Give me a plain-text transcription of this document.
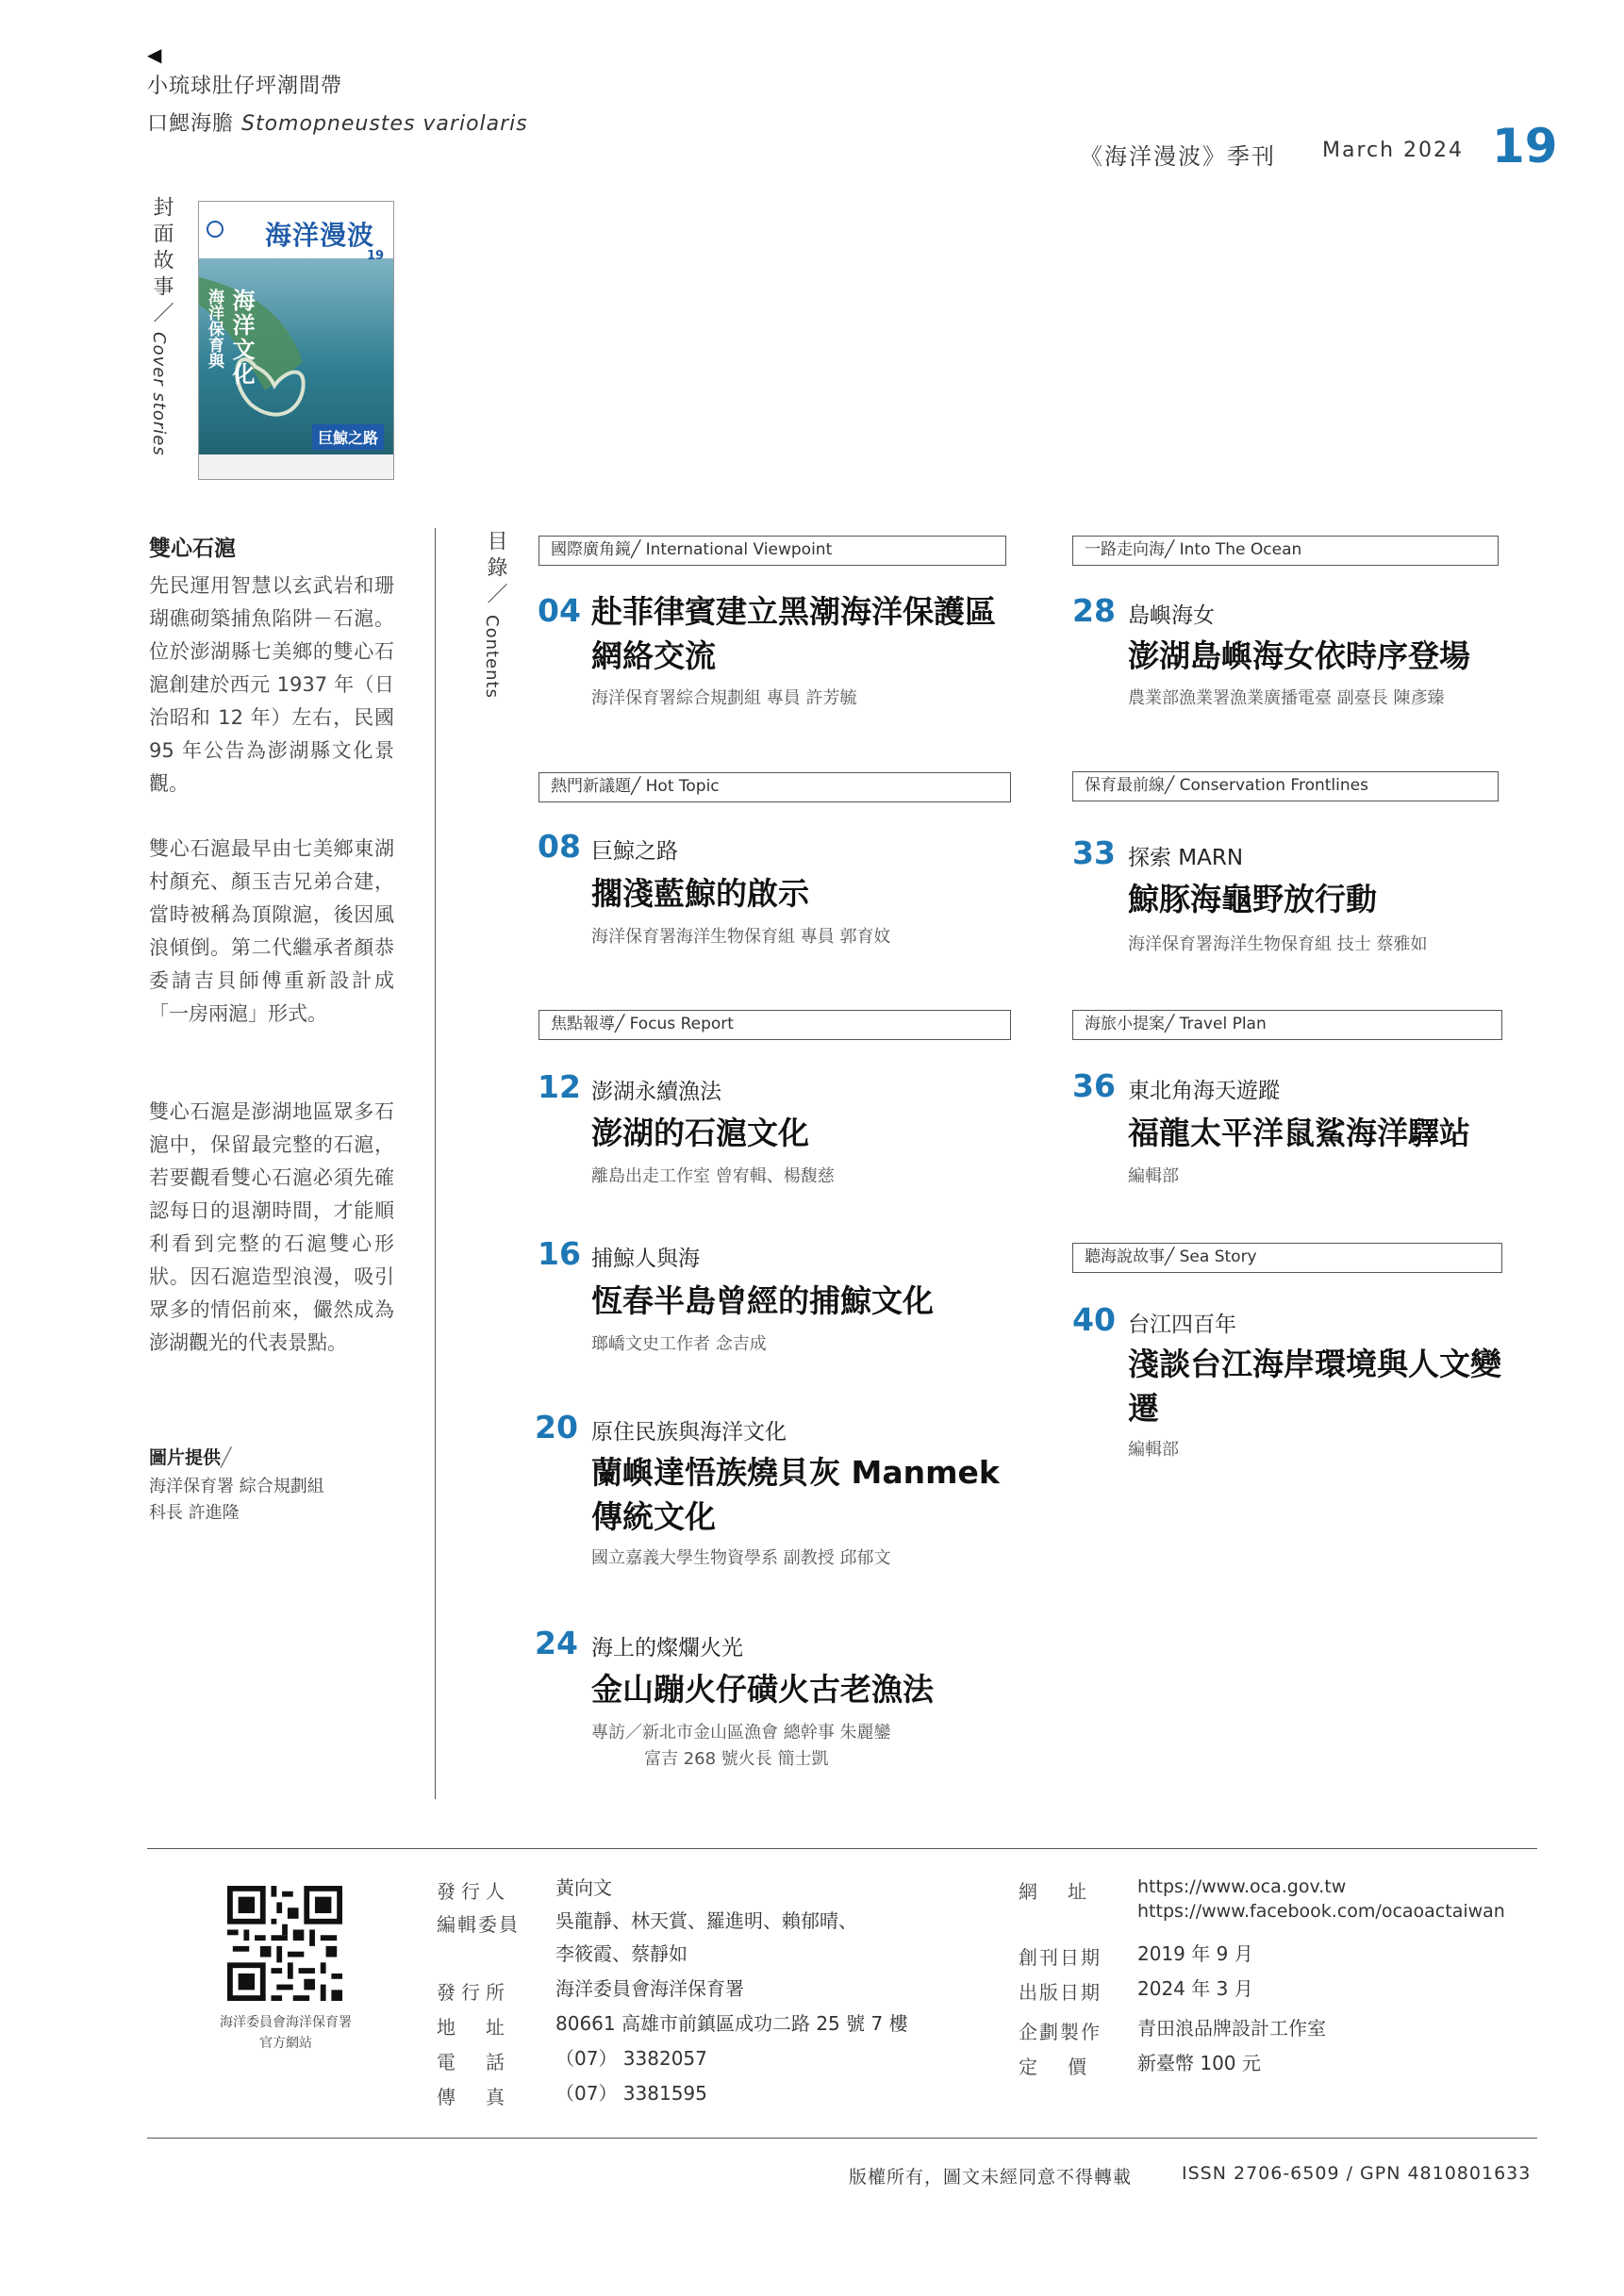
◀
小琉球肚仔坪潮間帶
口鰓海膽 Stomopneustes variolaris
《海洋漫波》季刊 March 2024 19
封面故事／
Cover stories
海洋漫波
19
海洋文化
海洋保育與
巨鯨之路
雙心石滬
先民運用智慧以玄武岩和珊瑚礁砌築捕魚陷阱－石滬。位於澎湖縣七美鄉的雙心石滬創建於西元 1937 年（日治昭和 12 年）左右，民國 95 年公告為澎湖縣文化景觀。
雙心石滬最早由七美鄉東湖村顏充、顏玉吉兄弟合建，當時被稱為頂隙滬，後因風浪傾倒。第二代繼承者顏恭委請吉貝師傅重新設計成「一房兩滬」形式。
雙心石滬是澎湖地區眾多石滬中，保留最完整的石滬，若要觀看雙心石滬必須先確認每日的退潮時間，才能順利看到完整的石滬雙心形狀。因石滬造型浪漫，吸引眾多的情侶前來，儼然成為澎湖觀光的代表景點。
圖片提供╱
海洋保育署 綜合規劃組
科長 許進隆
目錄／
Contents
國際廣角鏡╱ International Viewpoint
04 赴菲律賓建立黑潮海洋保護區網絡交流
海洋保育署綜合規劃組 專員 許芳毓
熱門新議題╱ Hot Topic
08 巨鯨之路
擱淺藍鯨的啟示
海洋保育署海洋生物保育組 專員 郭育妏
焦點報導╱ Focus Report
12 澎湖永續漁法
澎湖的石滬文化
離島出走工作室 曾宥輯、楊馥慈
16 捕鯨人與海
恆春半島曾經的捕鯨文化
瑯嶠文史工作者 念吉成
20 原住民族與海洋文化
蘭嶼達悟族燒貝灰 Manmek 傳統文化
國立嘉義大學生物資學系 副教授 邱郁文
24 海上的燦爛火光
金山蹦火仔磺火古老漁法
專訪／新北市金山區漁會 總幹事 朱麗鑾
富吉 268 號火長 簡士凱
一路走向海╱ Into The Ocean
28 島嶼海女
澎湖島嶼海女依時序登場
農業部漁業署漁業廣播電臺 副臺長 陳彥臻
保育最前線╱ Conservation Frontlines
33 探索 MARN
鯨豚海龜野放行動
海洋保育署海洋生物保育組 技士 蔡雅如
海旅小提案╱ Travel Plan
36 東北角海天遊蹤
福龍太平洋鼠鯊海洋驛站
編輯部
聽海說故事╱ Sea Story
40 台江四百年
淺談台江海岸環境與人文變遷
編輯部
海洋委員會海洋保育署
官方網站
發行人 黃向文
編輯委員 吳龍靜、林天賞、羅進明、賴郁晴、
李筱霞、蔡靜如
發行所 海洋委員會海洋保育署
地　址 80661 高雄市前鎮區成功二路 25 號 7 樓
電　話 （07） 3382057
傳　真 （07） 3381595
網　址	https://www.oca.gov.tw
https://www.facebook.com/ocaoactaiwan
創刊日期 2019 年 9 月
出版日期 2024 年 3 月
企劃製作 青田浪品牌設計工作室
定　價 新臺幣 100 元
版權所有，圖文未經同意不得轉載	ISSN 2706-6509 / GPN 4810801633
